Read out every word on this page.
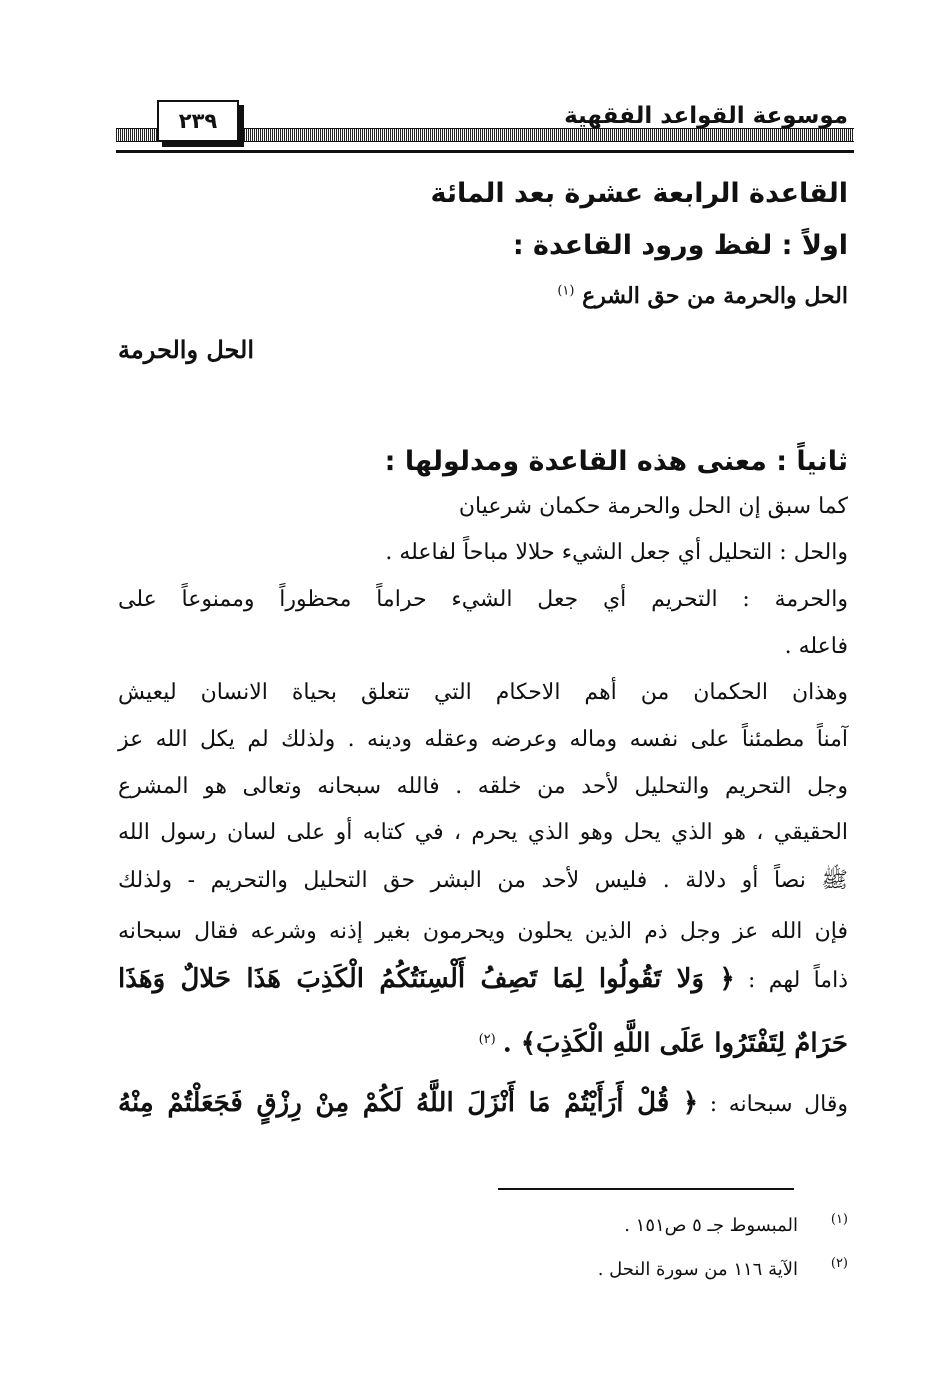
موسوعة القواعد الفقهية
٢٣٩
القاعدة الرابعة عشرة بعد المائة
اولاً : لفظ ورود القاعدة :
الحل والحرمة من حق الشرع $^{(١)}$
الحل والحرمة
ثانياً : معنى هذه القاعدة ومدلولها :
كما سبق إن الحل والحرمة حكمان شرعيان
والحل : التحليل أي جعل الشيء حلالا مباحاً لفاعله .
والحرمة : التحريم أي جعل الشيء حراماً محظوراً وممنوعاً على
فاعله .
وهذان الحكمان من أهم الاحكام التي تتعلق بحياة الانسان ليعيش
آمناً مطمئناً على نفسه وماله وعرضه وعقله ودينه . ولذلك لم يكل الله عز
وجل التحريم والتحليل لأحد من خلقه . فالله سبحانه وتعالى هو المشرع
الحقيقي ، هو الذي يحل وهو الذي يحرم ، في كتابه أو على لسان رسول الله
ﷺ نصاً أو دلالة . فليس لأحد من البشر حق التحليل والتحريم - ولذلك
فإن الله عز وجل ذم الذين يحلون ويحرمون بغير إذنه وشرعه فقال سبحانه
ذاماً لهم : ﴿ وَلا تَقُولُوا لِمَا تَصِفُ أَلْسِنَتُكُمُ الْكَذِبَ هَذَا حَلالٌ وَهَذَا
حَرَامٌ لِتَفْتَرُوا عَلَى اللَّهِ الْكَذِبَ﴾ . $^{(٢)}$
وقال سبحانه : ﴿ قُلْ أَرَأَيْتُمْ مَا أَنْزَلَ اللَّهُ لَكُمْ مِنْ رِزْقٍ فَجَعَلْتُمْ مِنْهُ
(١)
المبسوط جـ ٥ ص١٥١ .
(٢)
الآية ١١٦ من سورة النحل .
